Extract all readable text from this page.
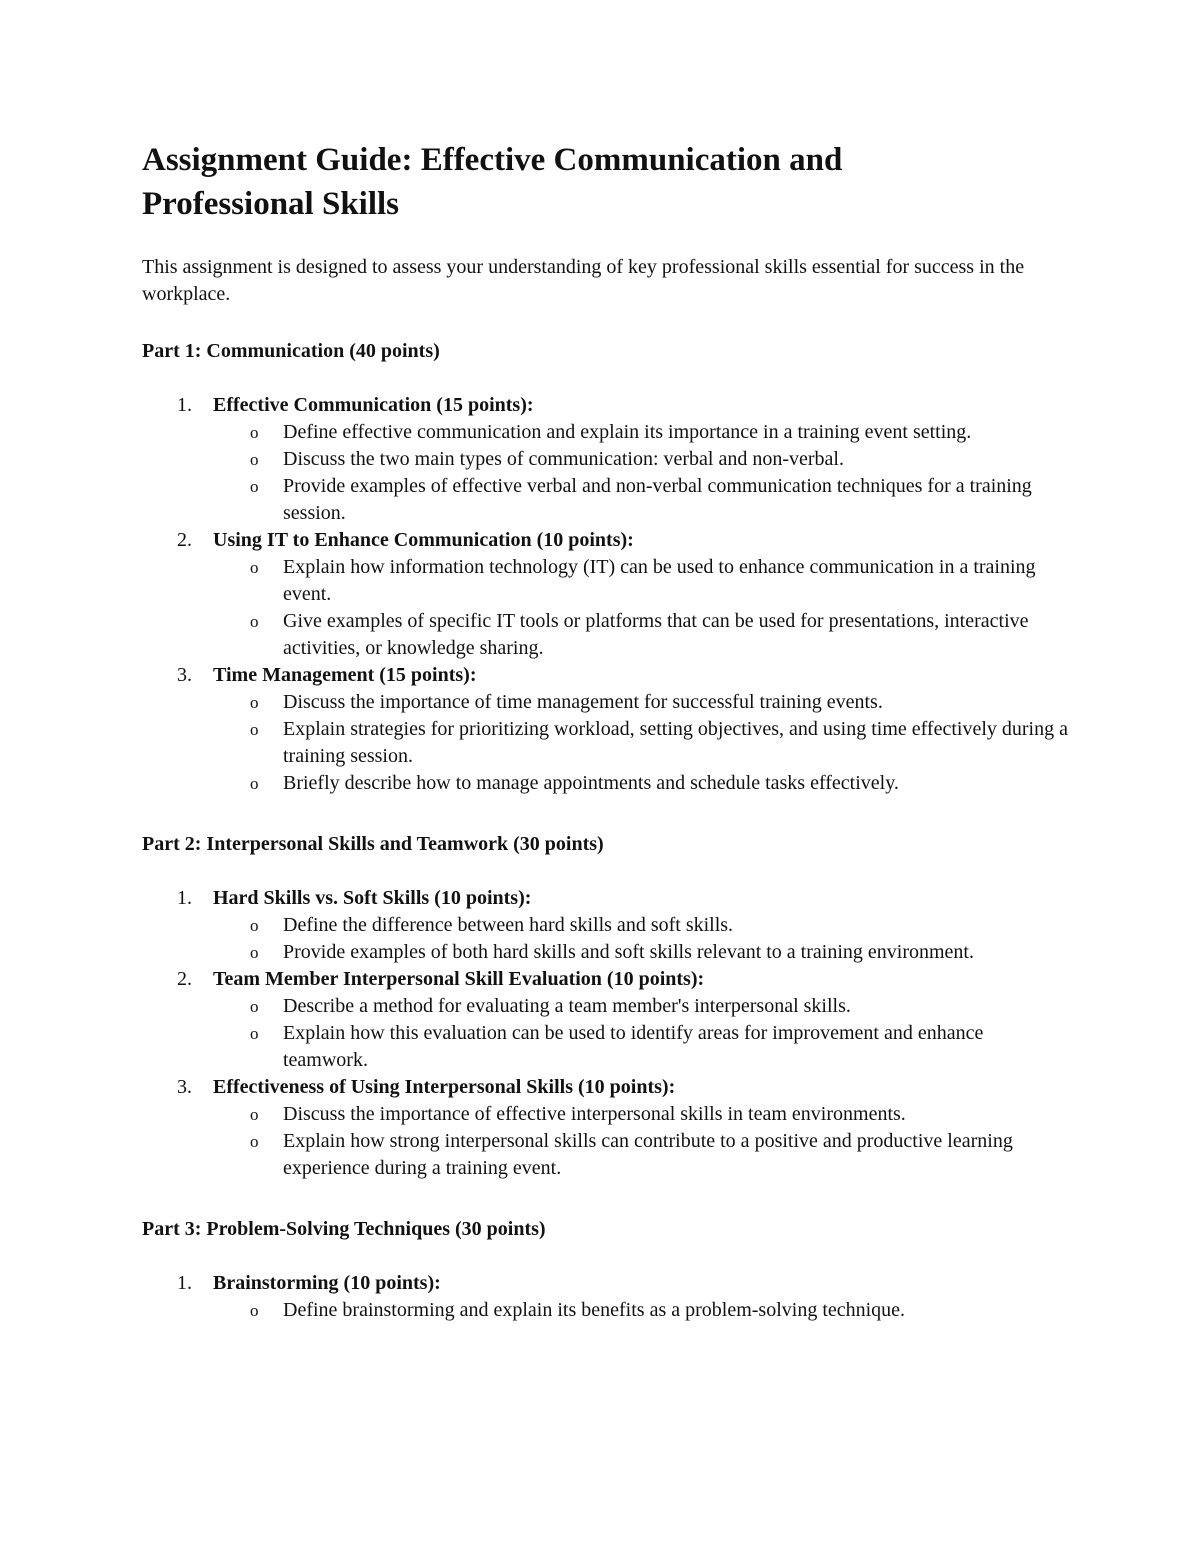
Assignment Guide: Effective Communication and Professional Skills

This assignment is designed to assess your understanding of key professional skills essential for success in the workplace.

Part 1: Communication (40 points)
1. Effective Communication (15 points):
o Define effective communication and explain its importance in a training event setting.
o Discuss the two main types of communication: verbal and non-verbal.
o Provide examples of effective verbal and non-verbal communication techniques for a training session.
2. Using IT to Enhance Communication (10 points):
o Explain how information technology (IT) can be used to enhance communication in a training event.
o Give examples of specific IT tools or platforms that can be used for presentations, interactive activities, or knowledge sharing.
3. Time Management (15 points):
o Discuss the importance of time management for successful training events.
o Explain strategies for prioritizing workload, setting objectives, and using time effectively during a training session.
o Briefly describe how to manage appointments and schedule tasks effectively.
Part 2: Interpersonal Skills and Teamwork (30 points)
1. Hard Skills vs. Soft Skills (10 points):
o Define the difference between hard skills and soft skills.
o Provide examples of both hard skills and soft skills relevant to a training environment.
2. Team Member Interpersonal Skill Evaluation (10 points):
o Describe a method for evaluating a team member's interpersonal skills.
o Explain how this evaluation can be used to identify areas for improvement and enhance teamwork.
3. Effectiveness of Using Interpersonal Skills (10 points):
o Discuss the importance of effective interpersonal skills in team environments.
o Explain how strong interpersonal skills can contribute to a positive and productive learning experience during a training event.
Part 3: Problem-Solving Techniques (30 points)
1. Brainstorming (10 points):
o Define brainstorming and explain its benefits as a problem-solving technique.
